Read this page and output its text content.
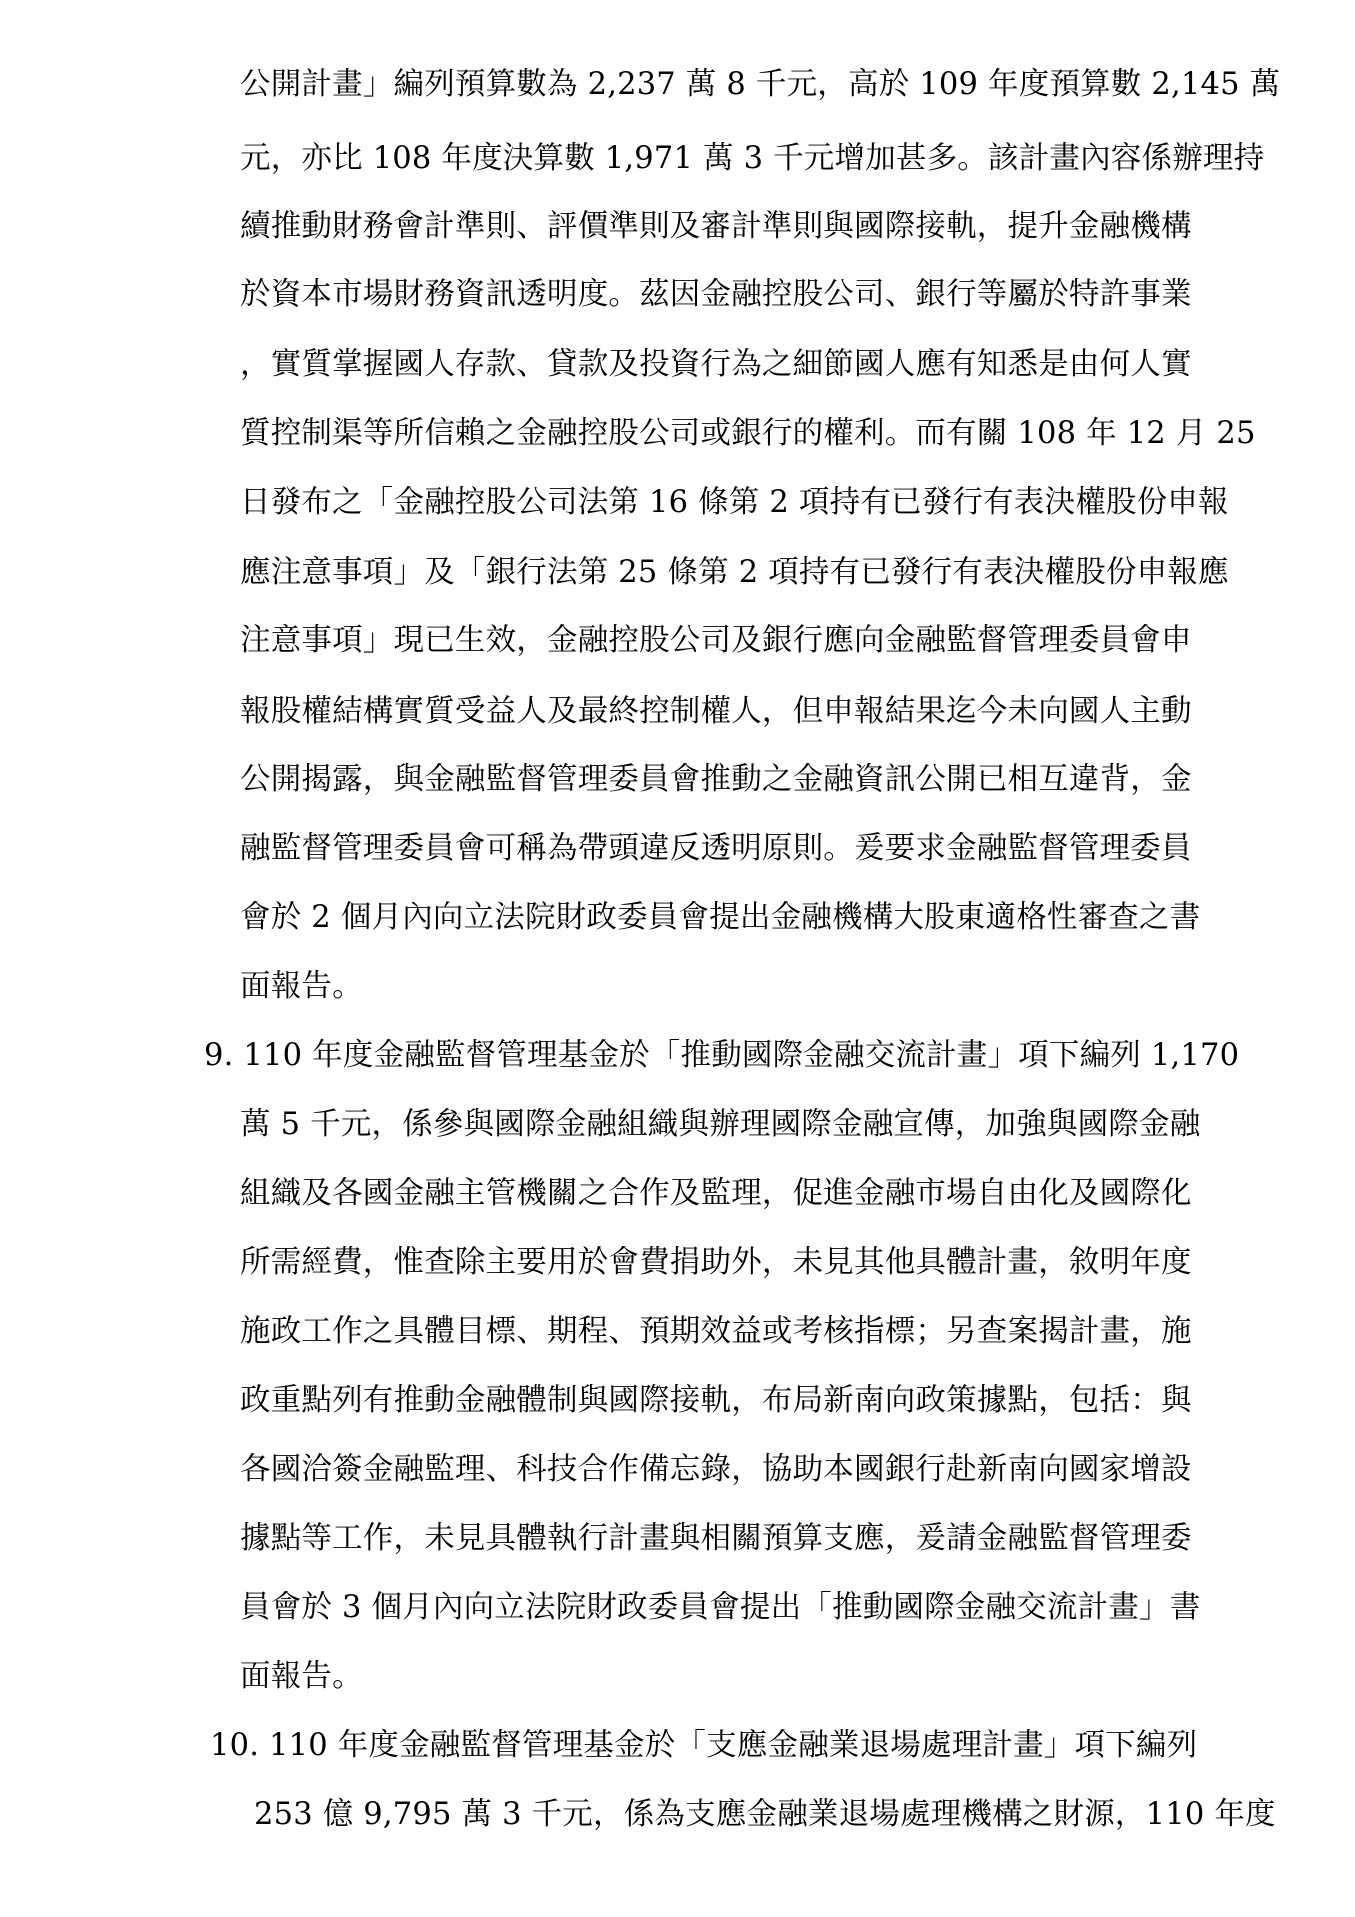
公開計畫」編列預算數為 2,237 萬 8 千元，高於 109 年度預算數 2,145 萬
元，亦比 108 年度決算數 1,971 萬 3 千元增加甚多。該計畫內容係辦理持
續推動財務會計準則、評價準則及審計準則與國際接軌，提升金融機構
於資本市場財務資訊透明度。茲因金融控股公司、銀行等屬於特許事業
，實質掌握國人存款、貸款及投資行為之細節國人應有知悉是由何人實
質控制渠等所信賴之金融控股公司或銀行的權利。而有關 108 年 12 月 25
日發布之「金融控股公司法第 16 條第 2 項持有已發行有表決權股份申報
應注意事項」及「銀行法第 25 條第 2 項持有已發行有表決權股份申報應
注意事項」現已生效，金融控股公司及銀行應向金融監督管理委員會申
報股權結構實質受益人及最終控制權人，但申報結果迄今未向國人主動
公開揭露，與金融監督管理委員會推動之金融資訊公開已相互違背，金
融監督管理委員會可稱為帶頭違反透明原則。爰要求金融監督管理委員
會於 2 個月內向立法院財政委員會提出金融機構大股東適格性審查之書
面報告。
9. 110 年度金融監督管理基金於「推動國際金融交流計畫」項下編列 1,170
萬 5 千元，係參與國際金融組織與辦理國際金融宣傳，加強與國際金融
組織及各國金融主管機關之合作及監理，促進金融市場自由化及國際化
所需經費，惟查除主要用於會費捐助外，未見其他具體計畫，敘明年度
施政工作之具體目標、期程、預期效益或考核指標；另查案揭計畫，施
政重點列有推動金融體制與國際接軌，布局新南向政策據點，包括：與
各國洽簽金融監理、科技合作備忘錄，協助本國銀行赴新南向國家增設
據點等工作，未見具體執行計畫與相關預算支應，爰請金融監督管理委
員會於 3 個月內向立法院財政委員會提出「推動國際金融交流計畫」書
面報告。
10. 110 年度金融監督管理基金於「支應金融業退場處理計畫」項下編列
253 億 9,795 萬 3 千元，係為支應金融業退場處理機構之財源，110 年度
